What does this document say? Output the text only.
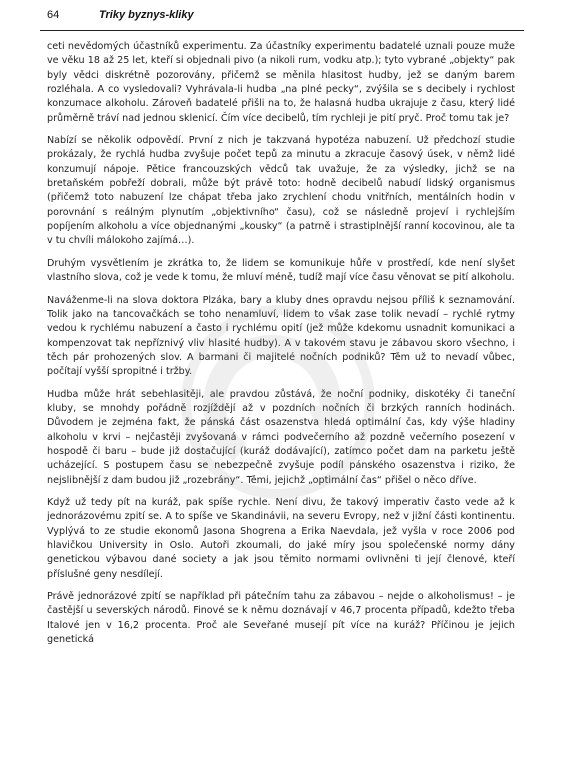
64	Triky byznys-kliky

ceti nevědomých účastníků experimentu. Za účastníky experimentu badatelé uznali pouze muže ve věku 18 až 25 let, kteří si objednali pivo (a nikoli rum, vodku atp.); tyto vybrané „objekty“ pak byly vědci diskrétně pozorovány, přičemž se měnila hlasitost hudby, jež se daným barem rozléhala. A co vysledovali? Vyhrávala-li hudba „na plné pecky“, zvýšila se s decibely i rychlost konzumace alkoholu. Zároveň badatelé přišli na to, že halasná hudba ukrajuje z času, který lidé průměrně tráví nad jednou sklenicí. Čím více decibelů, tím rychleji je pití pryč. Proč tomu tak je?

Nabízí se několik odpovědí. První z nich je takzvaná hypotéza nabuzení. Už předchozí studie prokázaly, že rychlá hudba zvyšuje počet tepů za minutu a zkracuje časový úsek, v němž lidé konzumují nápoje. Pětice francouzských vědců tak uvažuje, že za výsledky, jichž se na bretaňském pobřeží dobrali, může být právě toto: hodně decibelů nabudí lidský organismus (přičemž toto nabuzení lze chápat třeba jako zrychlení chodu vnitřních, mentálních hodin v porovnání s reálným plynutím „objektivního“ času), což se následně projeví i rychlejším popíjením alkoholu a více objednanými „kousky“ (a patrně i strastiplnější ranní kocovinou, ale ta v tu chvíli málokoho zajímá…).

Druhým vysvětlením je zkrátka to, že lidem se komunikuje hůře v prostředí, kde není slyšet vlastního slova, což je vede k tomu, že mluví méně, tudíž mají více času věnovat se pití alkoholu.

Naváženme-li na slova doktora Plzáka, bary a kluby dnes opravdu nejsou příliš k seznamování. Tolik jako na tancovačkách se toho nenamluví, lidem to však zase tolik nevadí – rychlé rytmy vedou k rychlému nabuzení a často i rychlému opití (jež může kdekomu usnadnit komunikaci a kompenzovat tak nepříznivý vliv hlasité hudby). A v takovém stavu je zábavou skoro všechno, i těch pár prohozených slov. A barmani či majitelé nočních podniků? Těm už to nevadí vůbec, počítají vyšší spropitné i tržby.

Hudba může hrát sebehlasitěji, ale pravdou zůstává, že noční podniky, diskotéky či taneční kluby, se mnohdy pořádně rozjíždějí až v pozdních nočních či brzkých ranních hodinách. Důvodem je zejména fakt, že pánská část osazenstva hledá optimální čas, kdy výše hladiny alkoholu v krvi – nejčastěji zvyšovaná v rámci podvečerního až pozdně večerního posezení v hospodě či baru – bude již dostačující (kuráž dodávající), zatímco počet dam na parketu ještě ucházející. S postupem času se nebezpečně zvyšuje podíl pánského osazenstva i riziko, že nejslibnější z dam budou již „rozebrány“. Těmi, jejichž „optimální čas“ přišel o něco dříve.

Když už tedy pít na kuráž, pak spíše rychle. Není divu, že takový imperativ často vede až k jednorázovému zpití se. A to spíše ve Skandinávii, na severu Evropy, než v jižní části kontinentu. Vyplývá to ze studie ekonomů Jasona Shogrena a Erika Naevdala, jež vyšla v roce 2006 pod hlavičkou University in Oslo. Autoři zkoumali, do jaké míry jsou společenské normy dány genetickou výbavou dané society a jak jsou těmito normami ovlivněni ti její členové, kteří příslušné geny nesdílejí.

Právě jednorázové zpití se například při pátečním tahu za zábavou – nejde o alkoholismus! – je častější u severských národů. Finové se k němu doznávají v 46,7 procenta případů, kdežto třeba Italové jen v 16,2 procenta. Proč ale Seveřané musejí pít více na kuráž? Příčinou je jejich genetická
